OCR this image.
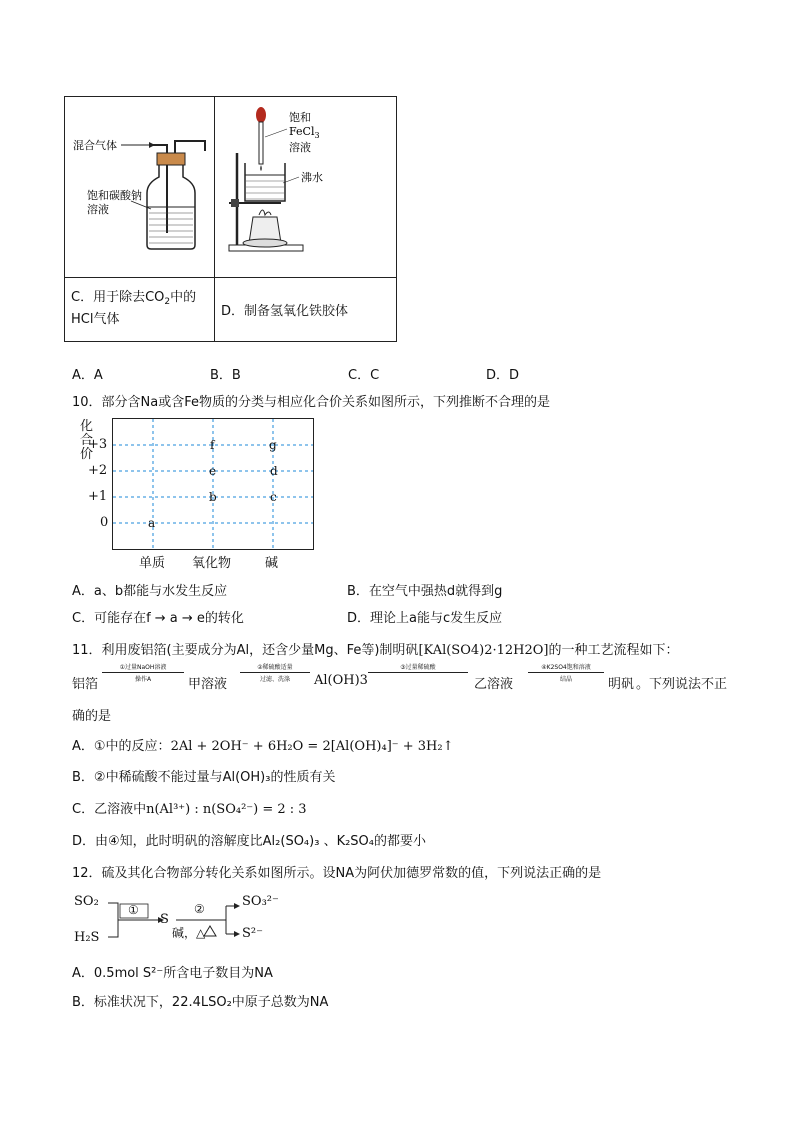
混合气体
饱和碳酸钠
溶液	饱和
FeCl$_3$
溶液
沸水

C．用于除去$CO_2$中的
HCl气体	D．制备氢氧化铁胶体
A．A	B．B	C．C	D．D
10．部分含Na或含Fe物质的分类与相应化合价关系如图所示，下列推断不合理的是
化合价
a
b	c
d
e
f	g
+3
+2
+1
0
单质 氧化物	碱
A．a、b都能与水发生反应	B．在空气中强热d就得到g
C．可能存在f → a → e的转化	D．理论上a能与c发生反应
11．利用废铝箔(主要成分为Al，还含少量Mg、Fe等)制明矾[KAl(SO4)2·12H2O]的一种工艺流程如下：
铝箔
①过量NaOH溶液
操作A	甲溶液
②稀硫酸适量
过滤、洗涤	Al(OH)3
③过量稀硫酸
乙溶液
④K2SO4饱和溶液
结晶	明矾 。下列说法不正
确的是
A．①中的反应：2Al + 2OH⁻ + 6H₂O = 2[Al(OH)₄]⁻ + 3H₂↑
B．②中稀硫酸不能过量与Al(OH)₃的性质有关
C．乙溶液中n(Al³⁺) : n(SO₄²⁻) = 2 : 3
D．由④知，此时明矾的溶解度比Al₂(SO₄)₃ 、K₂SO₄的都要小
12．硫及其化合物部分转化关系如图所示。设NA为阿伏加德罗常数的值，下列说法正确的是
SO₂
H₂S
①
S
②
碱，△
SO₃²⁻
S²⁻
A．0.5mol S²⁻所含电子数目为NA
B．标准状况下，22.4LSO₂中原子总数为NA
